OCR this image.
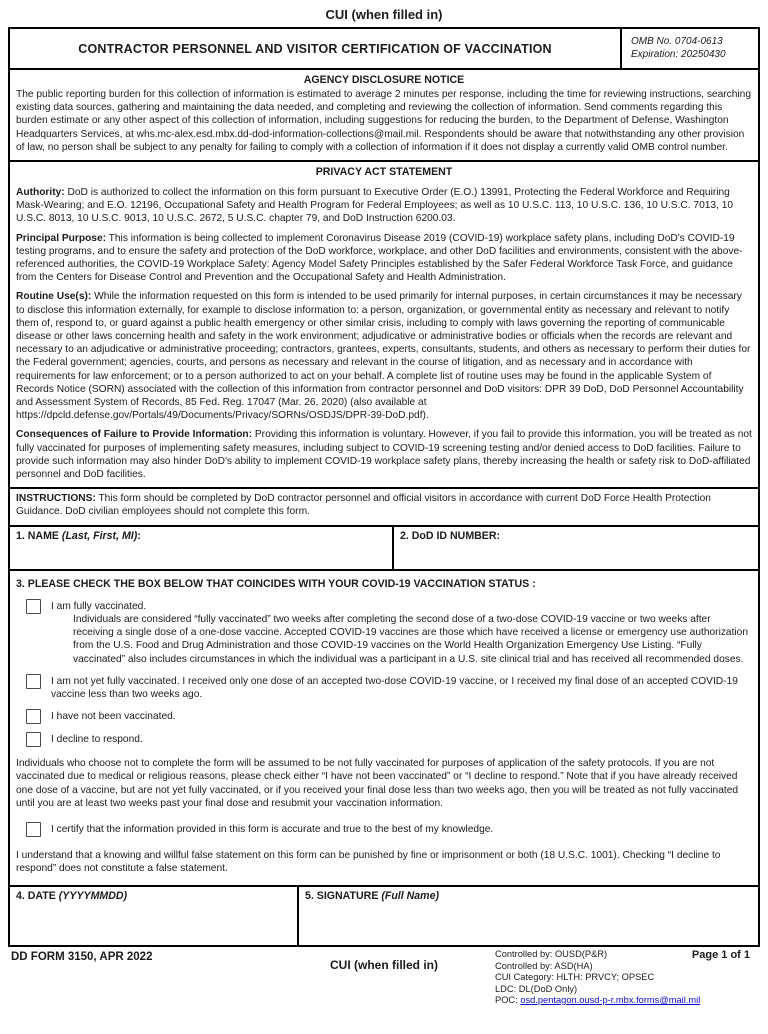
CUI (when filled in)
CONTRACTOR PERSONNEL AND VISITOR CERTIFICATION OF VACCINATION	OMB No. 0704-0613
Expiration: 20250430
AGENCY DISCLOSURE NOTICE
The public reporting burden for this collection of information is estimated to average 2 minutes per response, including the time for reviewing instructions, searching existing data sources, gathering and maintaining the data needed, and completing and reviewing the collection of information. Send comments regarding this burden estimate or any other aspect of this collection of information, including suggestions for reducing the burden, to the Department of Defense, Washington Headquarters Services, at whs.mc-alex.esd.mbx.dd-dod-information-collections@mail.mil. Respondents should be aware that notwithstanding any other provision of law, no person shall be subject to any penalty for failing to comply with a collection of information if it does not display a currently valid OMB control number.
PRIVACY ACT STATEMENT
Authority: DoD is authorized to collect the information on this form pursuant to Executive Order (E.O.) 13991, Protecting the Federal Workforce and Requiring Mask-Wearing; and E.O. 12196, Occupational Safety and Health Program for Federal Employees; as well as 10 U.S.C. 113, 10 U.S.C. 136, 10 U.S.C. 7013, 10 U.S.C. 8013, 10 U.S.C. 9013, 10 U.S.C. 2672, 5 U.S.C. chapter 79, and DoD Instruction 6200.03.
Principal Purpose: This information is being collected to implement Coronavirus Disease 2019 (COVID-19) workplace safety plans, including DoD's COVID-19 testing programs, and to ensure the safety and protection of the DoD workforce, workplace, and other DoD facilities and environments, consistent with the above-referenced authorities, the COVID-19 Workplace Safety: Agency Model Safety Principles established by the Safer Federal Workforce Task Force, and guidance from the Centers for Disease Control and Prevention and the Occupational Safety and Health Administration.
Routine Use(s): While the information requested on this form is intended to be used primarily for internal purposes, in certain circumstances it may be necessary to disclose this information externally, for example to disclose information to: a person, organization, or governmental entity as necessary and relevant to notify them of, respond to, or guard against a public health emergency or other similar crisis, including to comply with laws governing the reporting of communicable disease or other laws concerning health and safety in the work environment; adjudicative or administrative bodies or officials when the records are relevant and necessary to an adjudicative or administrative proceeding; contractors, grantees, experts, consultants, students, and others as necessary to perform their duties for the Federal government; agencies, courts, and persons as necessary and relevant in the course of litigation, and as necessary and in accordance with requirements for law enforcement; or to a person authorized to act on your behalf. A complete list of routine uses may be found in the applicable System of Records Notice (SORN) associated with the collection of this information from contractor personnel and DoD visitors: DPR 39 DoD, DoD Personnel Accountability and Assessment System of Records, 85 Fed. Reg. 17047 (Mar. 26, 2020) (also available at https://dpcld.defense.gov/Portals/49/Documents/Privacy/SORNs/OSDJS/DPR-39-DoD.pdf).
Consequences of Failure to Provide Information: Providing this information is voluntary. However, if you fail to provide this information, you will be treated as not fully vaccinated for purposes of implementing safety measures, including subject to COVID-19 screening testing and/or denied access to DoD facilities. Failure to provide such information may also hinder DoD's ability to implement COVID-19 workplace safety plans, thereby increasing the health or safety risk to DoD-affiliated personnel and DoD facilities.
INSTRUCTIONS: This form should be completed by DoD contractor personnel and official visitors in accordance with current DoD Force Health Protection Guidance. DoD civilian employees should not complete this form.
1. NAME (Last, First, MI):	2. DoD ID NUMBER:
3. PLEASE CHECK THE BOX BELOW THAT COINCIDES WITH YOUR COVID-19 VACCINATION STATUS :
I am fully vaccinated.
Individuals are considered “fully vaccinated” two weeks after completing the second dose of a two-dose COVID-19 vaccine or two weeks after receiving a single dose of a one-dose vaccine. Accepted COVID-19 vaccines are those which have received a license or emergency use authorization from the U.S. Food and Drug Administration and those COVID-19 vaccines on the World Health Organization Emergency Use Listing. “Fully vaccinated” also includes circumstances in which the individual was a participant in a U.S. site clinical trial and has received all recommended doses.
I am not yet fully vaccinated. I received only one dose of an accepted two-dose COVID-19 vaccine, or I received my final dose of an accepted COVID-19 vaccine less than two weeks ago.
I have not been vaccinated.
I decline to respond.
Individuals who choose not to complete the form will be assumed to be not fully vaccinated for purposes of application of the safety protocols. If you are not vaccinated due to medical or religious reasons, please check either “I have not been vaccinated” or “I decline to respond.” Note that if you have already received one dose of a vaccine, but are not yet fully vaccinated, or if you received your final dose less than two weeks ago, then you will be treated as not fully vaccinated until you are at least two weeks past your final dose and resubmit your vaccination information.
I certify that the information provided in this form is accurate and true to the best of my knowledge.
I understand that a knowing and willful false statement on this form can be punished by fine or imprisonment or both (18 U.S.C. 1001). Checking “I decline to respond” does not constitute a false statement.
4. DATE (YYYYMMDD)	5. SIGNATURE (Full Name)
DD FORM 3150, APR 2022
CUI (when filled in)
Controlled by: OUSD(P&R)
Controlled by: ASD(HA)
CUI Category: HLTH: PRVCY; OPSEC
LDC: DL(DoD Only)
POC: osd.pentagon.ousd-p-r.mbx.forms@mail.mil
Page 1 of 1
